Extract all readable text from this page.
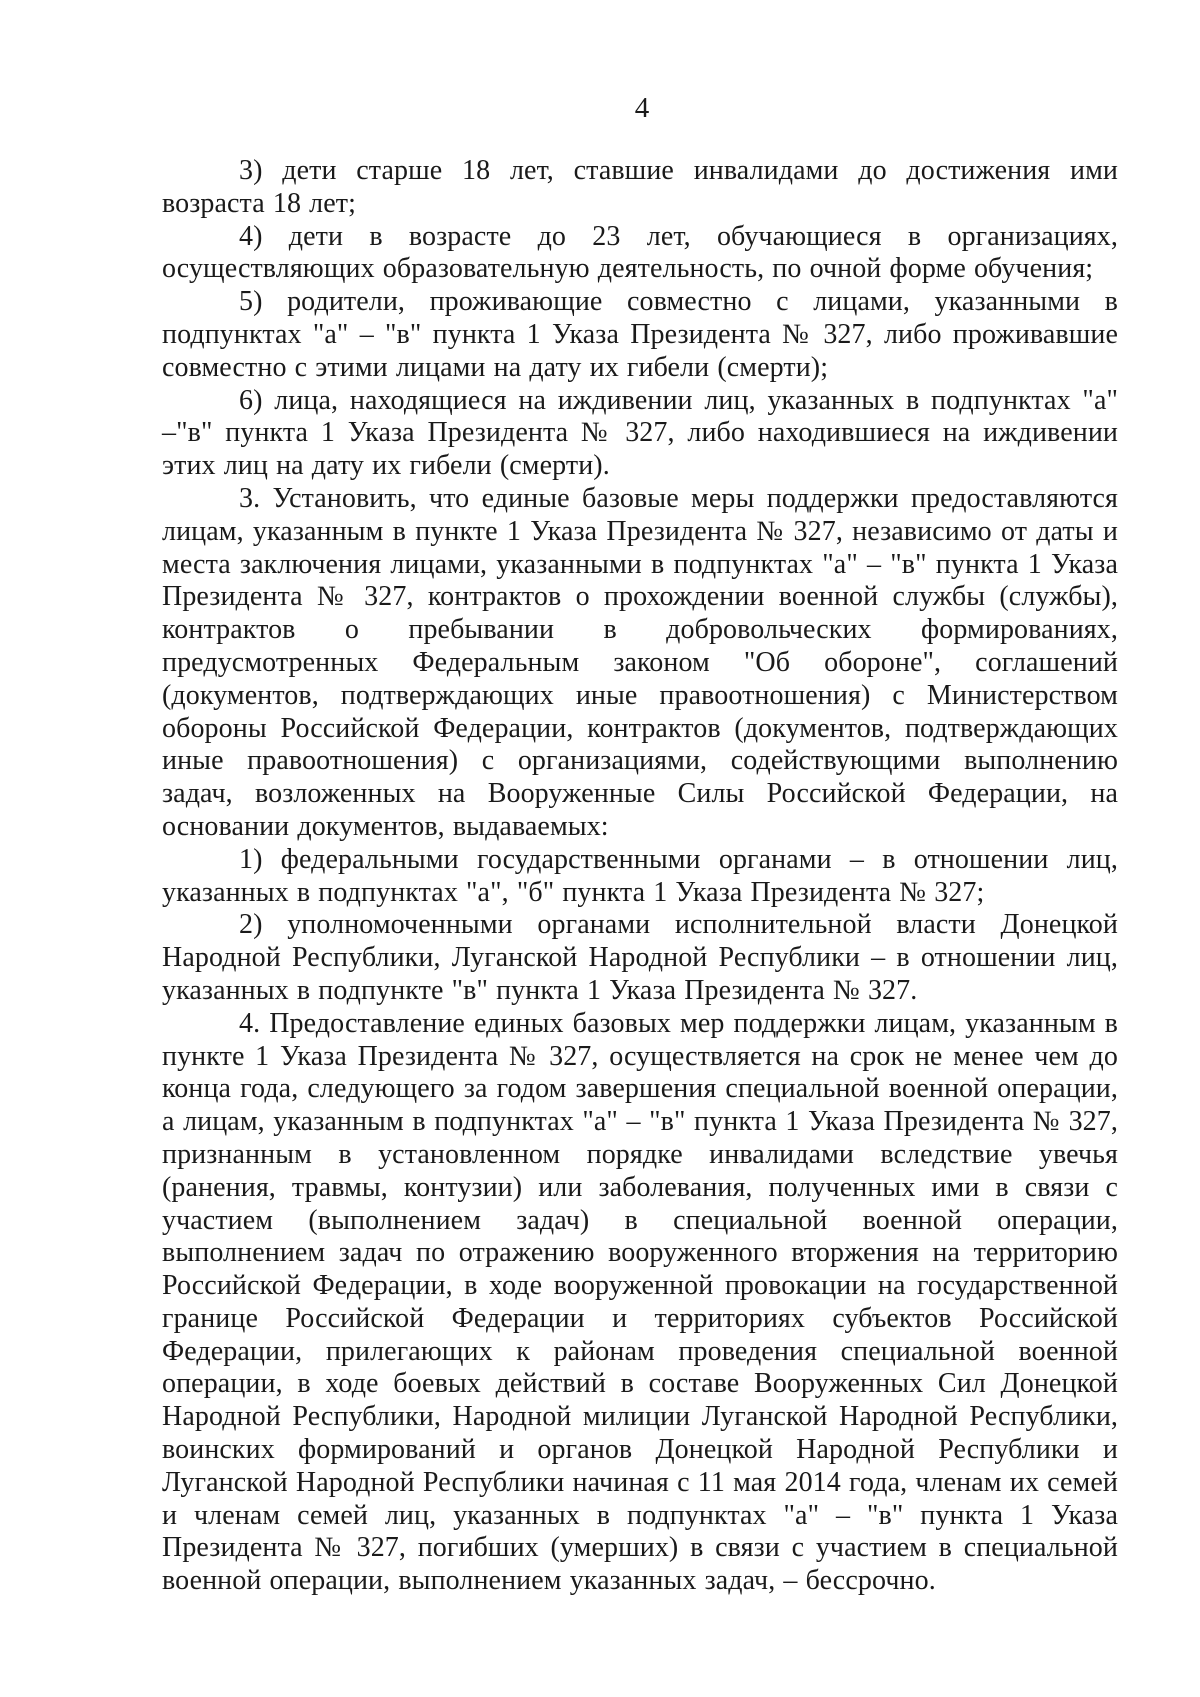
4

3) дети старше 18 лет, ставшие инвалидами до достижения ими возраста 18 лет;

4) дети в возрасте до 23 лет, обучающиеся в организациях, осуществляющих образовательную деятельность, по очной форме обучения;

5) родители, проживающие совместно с лицами, указанными в подпунктах "а" – "в" пункта 1 Указа Президента № 327, либо проживавшие совместно с этими лицами на дату их гибели (смерти);

6) лица, находящиеся на иждивении лиц, указанных в подпунктах "а" –"в" пункта 1 Указа Президента № 327, либо находившиеся на иждивении этих лиц на дату их гибели (смерти).

3. Установить, что единые базовые меры поддержки предоставляются лицам, указанным в пункте 1 Указа Президента № 327, независимо от даты и места заключения лицами, указанными в подпунктах "а" – "в" пункта 1 Указа Президента № 327, контрактов о прохождении военной службы (службы), контрактов о пребывании в добровольческих формированиях, предусмотренных Федеральным законом "Об обороне", соглашений (документов, подтверждающих иные правоотношения) с Министерством обороны Российской Федерации, контрактов (документов, подтверждающих иные правоотношения) с организациями, содействующими выполнению задач, возложенных на Вооруженные Силы Российской Федерации, на основании документов, выдаваемых:

1) федеральными государственными органами – в отношении лиц, указанных в подпунктах "а", "б" пункта 1 Указа Президента № 327;

2) уполномоченными органами исполнительной власти Донецкой Народной Республики, Луганской Народной Республики – в отношении лиц, указанных в подпункте "в" пункта 1 Указа Президента № 327.

4. Предоставление единых базовых мер поддержки лицам, указанным в пункте 1 Указа Президента № 327, осуществляется на срок не менее чем до конца года, следующего за годом завершения специальной военной операции, а лицам, указанным в подпунктах "а" – "в" пункта 1 Указа Президента № 327, признанным в установленном порядке инвалидами вследствие увечья (ранения, травмы, контузии) или заболевания, полученных ими в связи с участием (выполнением задач) в специальной военной операции, выполнением задач по отражению вооруженного вторжения на территорию Российской Федерации, в ходе вооруженной провокации на государственной границе Российской Федерации и территориях субъектов Российской Федерации, прилегающих к районам проведения специальной военной операции, в ходе боевых действий в составе Вооруженных Сил Донецкой Народной Республики, Народной милиции Луганской Народной Республики, воинских формирований и органов Донецкой Народной Республики и Луганской Народной Республики начиная с 11 мая 2014 года, членам их семей и членам семей лиц, указанных в подпунктах "а" – "в" пункта 1 Указа Президента № 327, погибших (умерших) в связи с участием в специальной военной операции, выполнением указанных задач, – бессрочно.
